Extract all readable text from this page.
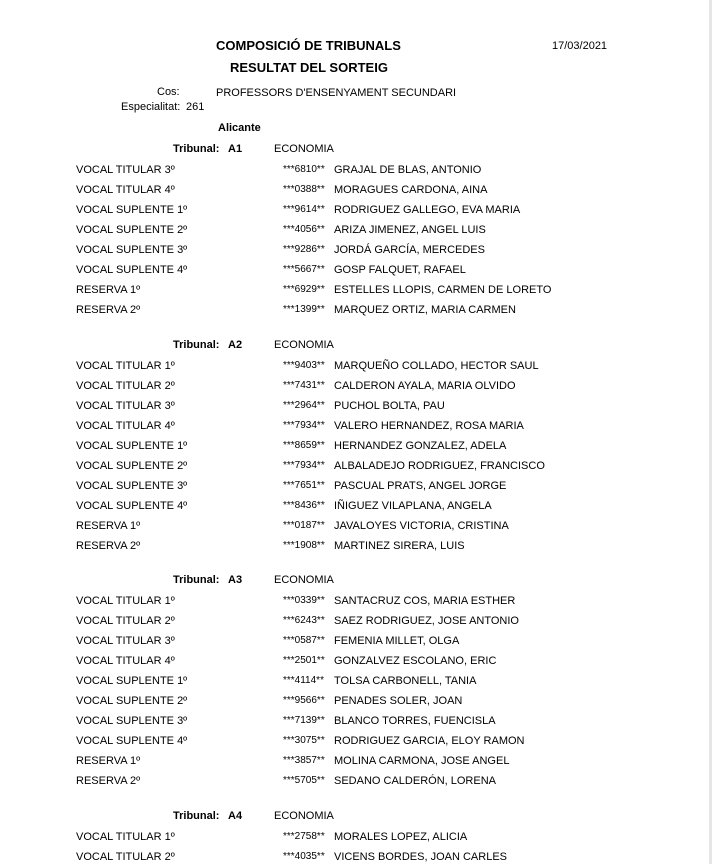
COMPOSICIÓ DE TRIBUNALS	17/03/2021
RESULTAT DEL SORTEIG
Cos:	PROFESSORS D'ENSENYAMENT SECUNDARI
Especialitat: 261
Alicante
Tribunal: A1	ECONOMIA
VOCAL TITULAR 3º	***6810** GRAJAL DE BLAS, ANTONIO
VOCAL TITULAR 4º	***0388** MORAGUES CARDONA, AINA
VOCAL SUPLENTE 1º	***9614** RODRIGUEZ GALLEGO, EVA MARIA
VOCAL SUPLENTE 2º	***4056** ARIZA JIMENEZ, ANGEL LUIS
VOCAL SUPLENTE 3º	***9286** JORDÁ GARCÍA, MERCEDES
VOCAL SUPLENTE 4º	***5667** GOSP FALQUET, RAFAEL
RESERVA 1º	***6929** ESTELLES LLOPIS, CARMEN DE LORETO
RESERVA 2º	***1399** MARQUEZ ORTIZ, MARIA CARMEN
Tribunal: A2	ECONOMIA
VOCAL TITULAR 1º	***9403** MARQUEÑO COLLADO, HECTOR SAUL
VOCAL TITULAR 2º	***7431** CALDERON AYALA, MARIA OLVIDO
VOCAL TITULAR 3º	***2964** PUCHOL BOLTA, PAU
VOCAL TITULAR 4º	***7934** VALERO HERNANDEZ, ROSA MARIA
VOCAL SUPLENTE 1º	***8659** HERNANDEZ GONZALEZ, ADELA
VOCAL SUPLENTE 2º	***7934** ALBALADEJO RODRIGUEZ, FRANCISCO
VOCAL SUPLENTE 3º	***7651** PASCUAL PRATS, ANGEL JORGE
VOCAL SUPLENTE 4º	***8436** IÑIGUEZ VILAPLANA, ANGELA
RESERVA 1º	***0187** JAVALOYES VICTORIA, CRISTINA
RESERVA 2º	***1908** MARTINEZ SIRERA, LUIS
Tribunal: A3	ECONOMIA
VOCAL TITULAR 1º	***0339** SANTACRUZ COS, MARIA ESTHER
VOCAL TITULAR 2º	***6243** SAEZ RODRIGUEZ, JOSE ANTONIO
VOCAL TITULAR 3º	***0587** FEMENIA MILLET, OLGA
VOCAL TITULAR 4º	***2501** GONZALVEZ ESCOLANO, ERIC
VOCAL SUPLENTE 1º	***4114** TOLSA CARBONELL, TANIA
VOCAL SUPLENTE 2º	***9566** PENADES SOLER, JOAN
VOCAL SUPLENTE 3º	***7139** BLANCO TORRES, FUENCISLA
VOCAL SUPLENTE 4º	***3075** RODRIGUEZ GARCIA, ELOY RAMON
RESERVA 1º	***3857** MOLINA CARMONA, JOSE ANGEL
RESERVA 2º	***5705** SEDANO CALDERÓN, LORENA
Tribunal: A4	ECONOMIA
VOCAL TITULAR 1º	***2758** MORALES LOPEZ, ALICIA
VOCAL TITULAR 2º	***4035** VICENS BORDES, JOAN CARLES
